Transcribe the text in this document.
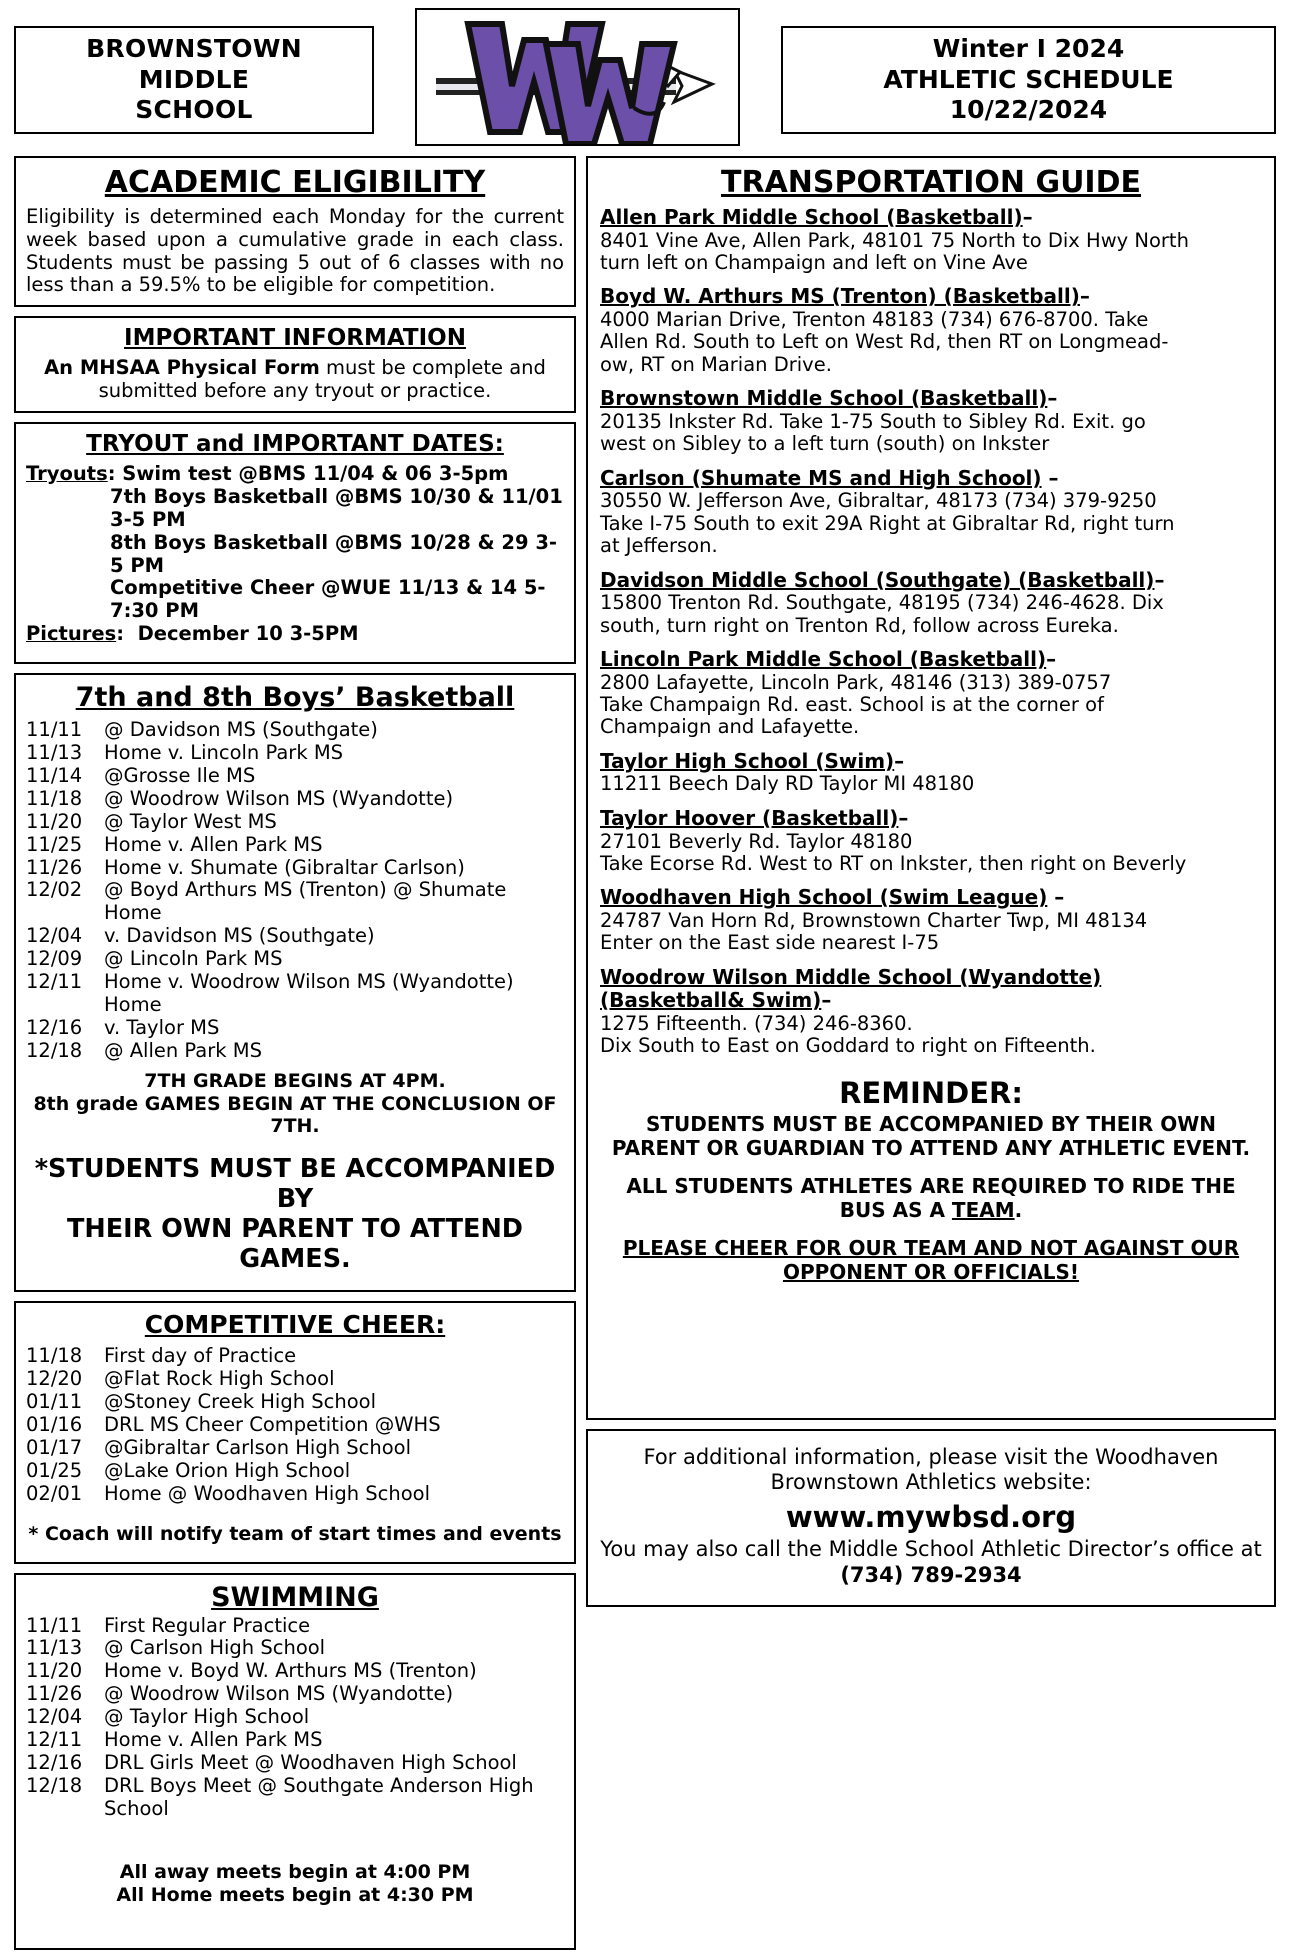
BROWNSTOWN
MIDDLE
SCHOOL
Winter I 2024
ATHLETIC SCHEDULE
10/22/2024
ACADEMIC ELIGIBILITY
Eligibility is determined each Monday for the current week based upon a cumulative grade in each class. Students must be passing 5 out of 6 classes with no less than a 59.5% to be eligible for competition.
IMPORTANT INFORMATION
An MHSAA Physical Form must be complete and submitted before any tryout or practice.
TRYOUT and IMPORTANT DATES:
Tryouts: Swim test @BMS 11/04 & 06 3-5pm
7th Boys Basketball @BMS 10/30 & 11/01 3-5 PM
8th Boys Basketball @BMS 10/28 & 29 3-5 PM
Competitive Cheer @WUE 11/13 & 14 5-7:30 PM
Pictures:  December 10 3-5PM
7th and 8th Boys’ Basketball
11/11	@ Davidson MS (Southgate)
11/13	Home v. Lincoln Park MS
11/14	@Grosse Ile MS
11/18	@ Woodrow Wilson MS (Wyandotte)
11/20	@ Taylor West MS
11/25	Home v. Allen Park MS
11/26	Home v. Shumate (Gibraltar Carlson)
12/02	@ Boyd Arthurs MS (Trenton) @ Shumate Home
12/04	v. Davidson MS (Southgate)
12/09	@ Lincoln Park MS
12/11	Home v. Woodrow Wilson MS (Wyandotte) Home
12/16	v. Taylor MS
12/18	@ Allen Park MS
7TH GRADE BEGINS AT 4PM.
8th grade GAMES BEGIN AT THE CONCLUSION OF 7TH.
*STUDENTS MUST BE ACCOMPANIED BY
THEIR OWN PARENT TO ATTEND GAMES.
COMPETITIVE CHEER:
11/18	First day of Practice
12/20	@Flat Rock High School
01/11	@Stoney Creek High School
01/16	DRL MS Cheer Competition @WHS
01/17	@Gibraltar Carlson High School
01/25	@Lake Orion High School
02/01	Home @ Woodhaven High School
* Coach will notify team of start times and events
SWIMMING
11/11	First Regular Practice
11/13	@ Carlson High School
11/20	Home v. Boyd W. Arthurs MS (Trenton)
11/26	@ Woodrow Wilson MS (Wyandotte)
12/04	@ Taylor High School
12/11	Home v. Allen Park MS
12/16	DRL Girls Meet @ Woodhaven High School
12/18	DRL Boys Meet @ Southgate Anderson High School
All away meets begin at 4:00 PM
All Home meets begin at 4:30 PM
TRANSPORTATION GUIDE
Allen Park Middle School (Basketball)–
8401 Vine Ave, Allen Park, 48101 75 North to Dix Hwy North
turn left on Champaign and left on Vine Ave
Boyd W. Arthurs MS (Trenton) (Basketball)–
4000 Marian Drive, Trenton 48183 (734) 676-8700. Take
Allen Rd. South to Left on West Rd, then RT on Longmead-
ow, RT on Marian Drive.
Brownstown Middle School (Basketball)–
20135 Inkster Rd. Take 1-75 South to Sibley Rd. Exit. go
west on Sibley to a left turn (south) on Inkster
Carlson (Shumate MS and High School) –
30550 W. Jefferson Ave, Gibraltar, 48173 (734) 379-9250
Take I-75 South to exit 29A Right at Gibraltar Rd, right turn
at Jefferson.
Davidson Middle School (Southgate) (Basketball)–
15800 Trenton Rd. Southgate, 48195 (734) 246-4628. Dix
south, turn right on Trenton Rd, follow across Eureka.
Lincoln Park Middle School (Basketball)–
2800 Lafayette, Lincoln Park, 48146 (313) 389-0757
Take Champaign Rd. east. School is at the corner of
Champaign and Lafayette.
Taylor High School (Swim)–
11211 Beech Daly RD Taylor MI 48180
Taylor Hoover (Basketball)–
27101 Beverly Rd. Taylor 48180
Take Ecorse Rd. West to RT on Inkster, then right on Beverly
Woodhaven High School (Swim League) –
24787 Van Horn Rd, Brownstown Charter Twp, MI 48134
Enter on the East side nearest I-75
Woodrow Wilson Middle School (Wyandotte)
(Basketball& Swim)–
1275 Fifteenth. (734) 246-8360.
Dix South to East on Goddard to right on Fifteenth.
REMINDER:
STUDENTS MUST BE ACCOMPANIED BY THEIR OWN PARENT OR GUARDIAN TO ATTEND ANY ATHLETIC EVENT.

ALL STUDENTS ATHLETES ARE REQUIRED TO RIDE THE BUS AS A TEAM.

PLEASE CHEER FOR OUR TEAM AND NOT AGAINST OUR OPPONENT OR OFFICIALS!

For additional information, please visit the Woodhaven Brownstown Athletics website:
www.mywbsd.org
You may also call the Middle School Athletic Director’s office at (734) 789-2934
